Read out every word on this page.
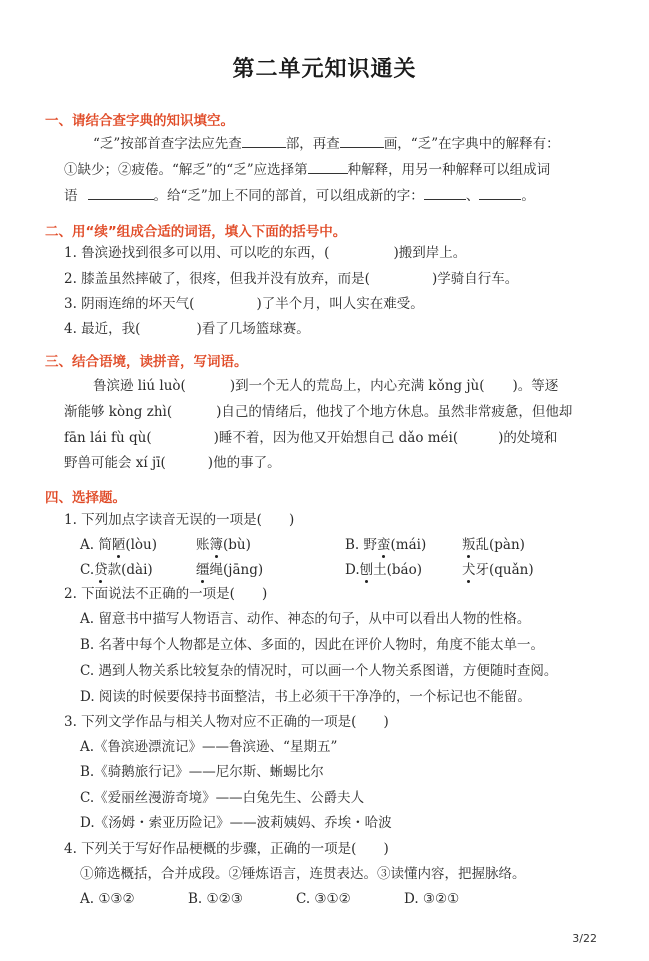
第二单元知识通关
一、请结合查字典的知识填空。
“乏”按部首查字法应先查	部，再查	画，“乏”在字典中的解释有：
①缺少；②疲倦。“解乏”的“乏”应选择第	种解释，用另一种解释可以组成词
语	。给“乏”加上不同的部首，可以组成新的字：	、	。
二、用“续”组成合适的词语，填入下面的括号中。
1. 鲁滨逊找到很多可以用、可以吃的东西，(	)搬到岸上。
2. 膝盖虽然摔破了，很疼，但我并没有放弃，而是(	)学骑自行车。
3. 阴雨连绵的坏天气(	)了半个月，叫人实在难受。
4. 最近，我(	)看了几场篮球赛。
三、结合语境，读拼音，写词语。
鲁滨逊 liú luò(	)到一个无人的荒岛上，内心充满 kǒng jù( )。等逐
渐能够 kòng zhì(	)自己的情绪后，他找了个地方休息。虽然非常疲惫，但他却
fān lái fù qù(	)睡不着，因为他又开始想自己 dǎo méi(	)的处境和
野兽可能会 xí jī(	)他的事了。
四、选择题。
1. 下列加点字读音无误的一项是(　　)
A. 简陋(lòu)	账簿(bù)	B. 野蛮(mái)	叛乱(pàn)
C.贷款(dài)	缰绳(jāng)	D.刨土(báo)	犬牙(quǎn)
2. 下面说法不正确的一项是(　　)
A. 留意书中描写人物语言、动作、神态的句子，从中可以看出人物的性格。
B. 名著中每个人物都是立体、多面的，因此在评价人物时，角度不能太单一。
C. 遇到人物关系比较复杂的情况时，可以画一个人物关系图谱，方便随时查阅。
D. 阅读的时候要保持书面整洁，书上必须干干净净的，一个标记也不能留。
3. 下列文学作品与相关人物对应不正确的一项是(　　)
A.《鲁滨逊漂流记》——鲁滨逊、“星期五”
B.《骑鹅旅行记》——尼尔斯、蜥蜴比尔
C.《爱丽丝漫游奇境》——白兔先生、公爵夫人
D.《汤姆・索亚历险记》——波莉姨妈、乔埃・哈波
4. 下列关于写好作品梗概的步骤，正确的一项是(　　)
①筛选概括，合并成段。②锤炼语言，连贯表达。③读懂内容，把握脉络。
A. ①③②	B. ①②③	C. ③①②	D. ③②①
3/22
